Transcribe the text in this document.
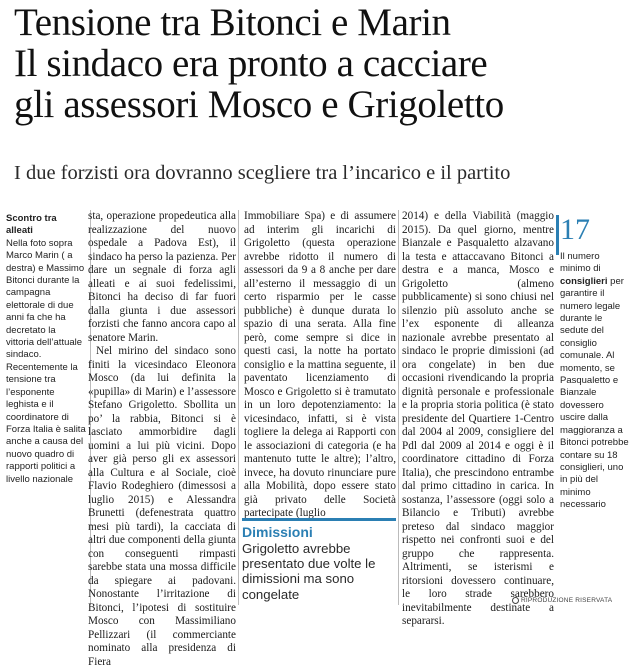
Tensione tra Bitonci e Marin
Il sindaco era pronto a cacciare
gli assessori Mosco e Grigoletto
I due forzisti ora dovranno scegliere tra l’incarico e il partito
Scontro tra alleati
Nella foto sopra Marco Marin ( a destra) e Massimo Bitonci durante la campagna elettorale di due anni fa che ha decretato la vittoria dell’attuale sindaco. Recentemente la tensione tra l’esponente leghista e il coordinatore di Forza Italia è salita anche a causa del nuovo quadro di rapporti politici a livello nazionale

sta, operazione propedeutica alla realizzazione del nuovo ospedale a Padova Est), il sindaco ha perso la pazienza. Per dare un segnale di forza agli alleati e ai suoi fedelissimi, Bitonci ha deciso di far fuori dalla giunta i due assessori forzisti che fanno ancora capo al senatore Marin.

Nel mirino del sindaco sono finiti la vicesindaco Eleonora Mosco (da lui definita la «pupilla» di Marin) e l’assessore Stefano Grigoletto. Sbollita un po’ la rabbia, Bitonci si è lasciato ammorbidire dagli uomini a lui più vicini. Dopo aver già perso gli ex assessori alla Cultura e al Sociale, cioè Flavio Rodeghiero (dimessosi a luglio 2015) e Alessandra Brunetti (defenestrata quattro mesi più tardi), la cacciata di altri due componenti della giunta con conseguenti rimpasti sarebbe stata una mossa difficile da spiegare ai padovani. Nonostante l’irritazione di Bitonci, l’ipotesi di sostituire Mosco con Massimiliano Pellizzari (il commerciante nominato alla presidenza di Fiera

Immobiliare Spa) e di assumere ad interim gli incarichi di Grigoletto (questa operazione avrebbe ridotto il numero di assessori da 9 a 8 anche per dare all’esterno il messaggio di un certo risparmio per le casse pubbliche) è dunque durata lo spazio di una serata. Alla fine però, come sempre si dice in questi casi, la notte ha portato consiglio e la mattina seguente, il paventato licenziamento di Mosco e Grigoletto si è tramutato in un loro depotenziamento: la vicesindaco, infatti, si è vista togliere la delega ai Rapporti con le associazioni di categoria (e ha mantenuto tutte le altre); l’altro, invece, ha dovuto rinunciare pure alla Mobilità, dopo essere stato già privato delle Società partecipate (luglio

Dimissioni
Grigoletto avrebbe presentato due volte le dimissioni ma sono congelate

2014) e della Viabilità (maggio 2015). Da quel giorno, mentre Bianzale e Pasqualetto alzavano la testa e attaccavano Bitonci a destra e a manca, Mosco e Grigoletto (almeno pubblicamente) si sono chiusi nel silenzio più assoluto anche se l’ex esponente di alleanza nazionale avrebbe presentato al sindaco le proprie dimissioni (ad ora congelate) in ben due occasioni rivendicando la propria dignità personale e professionale e la propria storia politica (è stato presidente del Quartiere 1-Centro dal 2004 al 2009, consigliere del Pdl dal 2009 al 2014 e oggi è il coordinatore cittadino di Forza Italia), che prescindono entrambe dal primo cittadino in carica. In sostanza, l’assessore (oggi solo a Bilancio e Tributi) avrebbe preteso dal sindaco maggior rispetto nei confronti suoi e del gruppo che rappresenta. Altrimenti, se isterismi e ritorsioni dovessero continuare, le loro strade sarebbero inevitabilmente destinate a separarsi.

17
Il numero minimo di consiglieri per garantire il numero legale durante le sedute del consiglio comunale. Al momento, se Pasqualetto e Bianzale dovessero uscire dalla maggioranza a Bitonci potrebbe contare su 18 consiglieri, uno in più del minimo necessario
RIPRODUZIONE RISERVATA
